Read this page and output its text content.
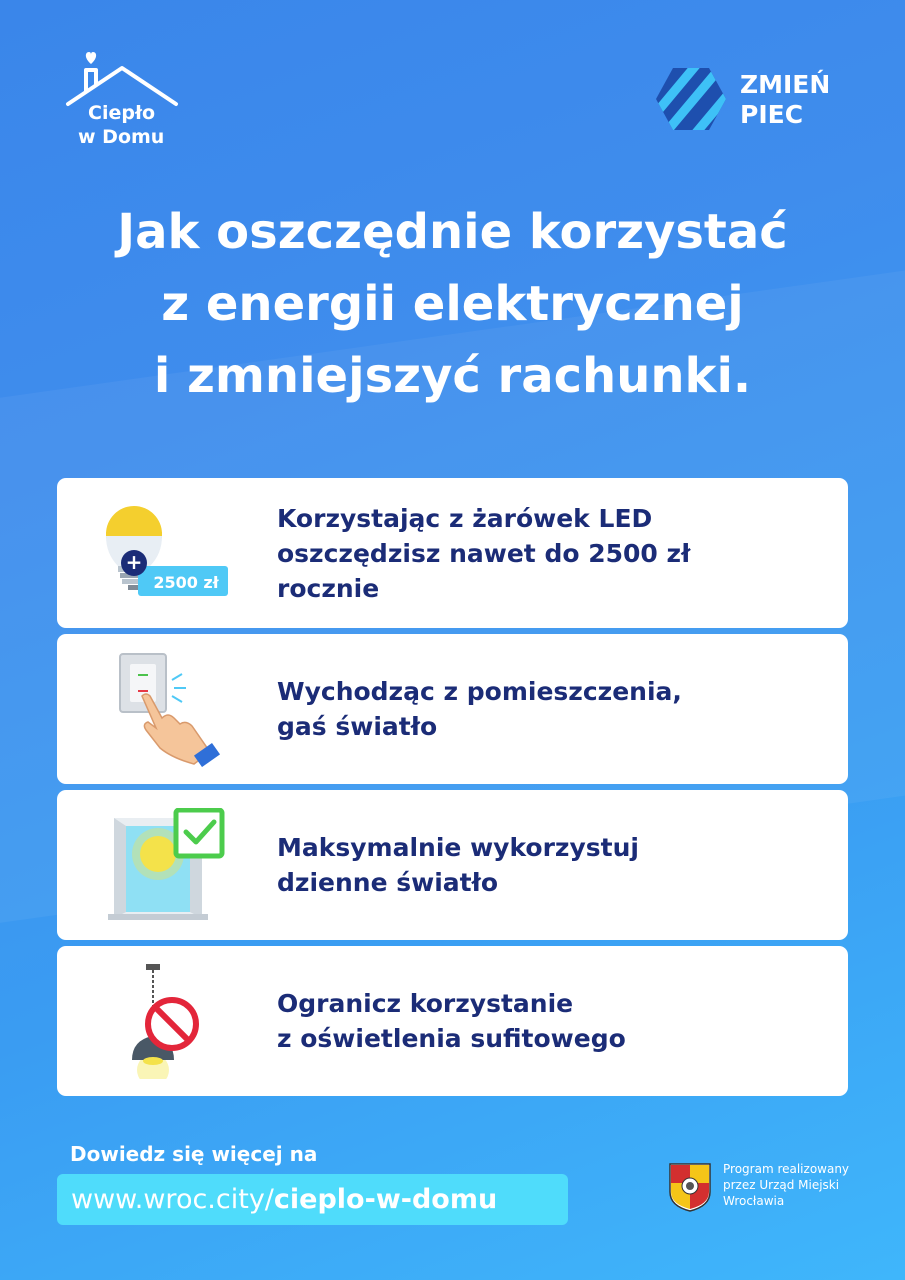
Ciepło
w Domu
ZMIEŃ
PIEC
Jak oszczędnie korzystać
z energii elektrycznej
i zmniejszyć rachunki.
+
2500 zł
Korzystając z żarówek LED
oszczędzisz nawet do 2500 zł
rocznie
Wychodząc z pomieszczenia,
gaś światło
Maksymalnie wykorzystuj
dzienne światło
Ogranicz korzystanie
z oświetlenia sufitowego
Dowiedz się więcej na
www.wroc.city/ cieplo-w-domu
Program realizowany
przez Urząd Miejski
Wrocławia
